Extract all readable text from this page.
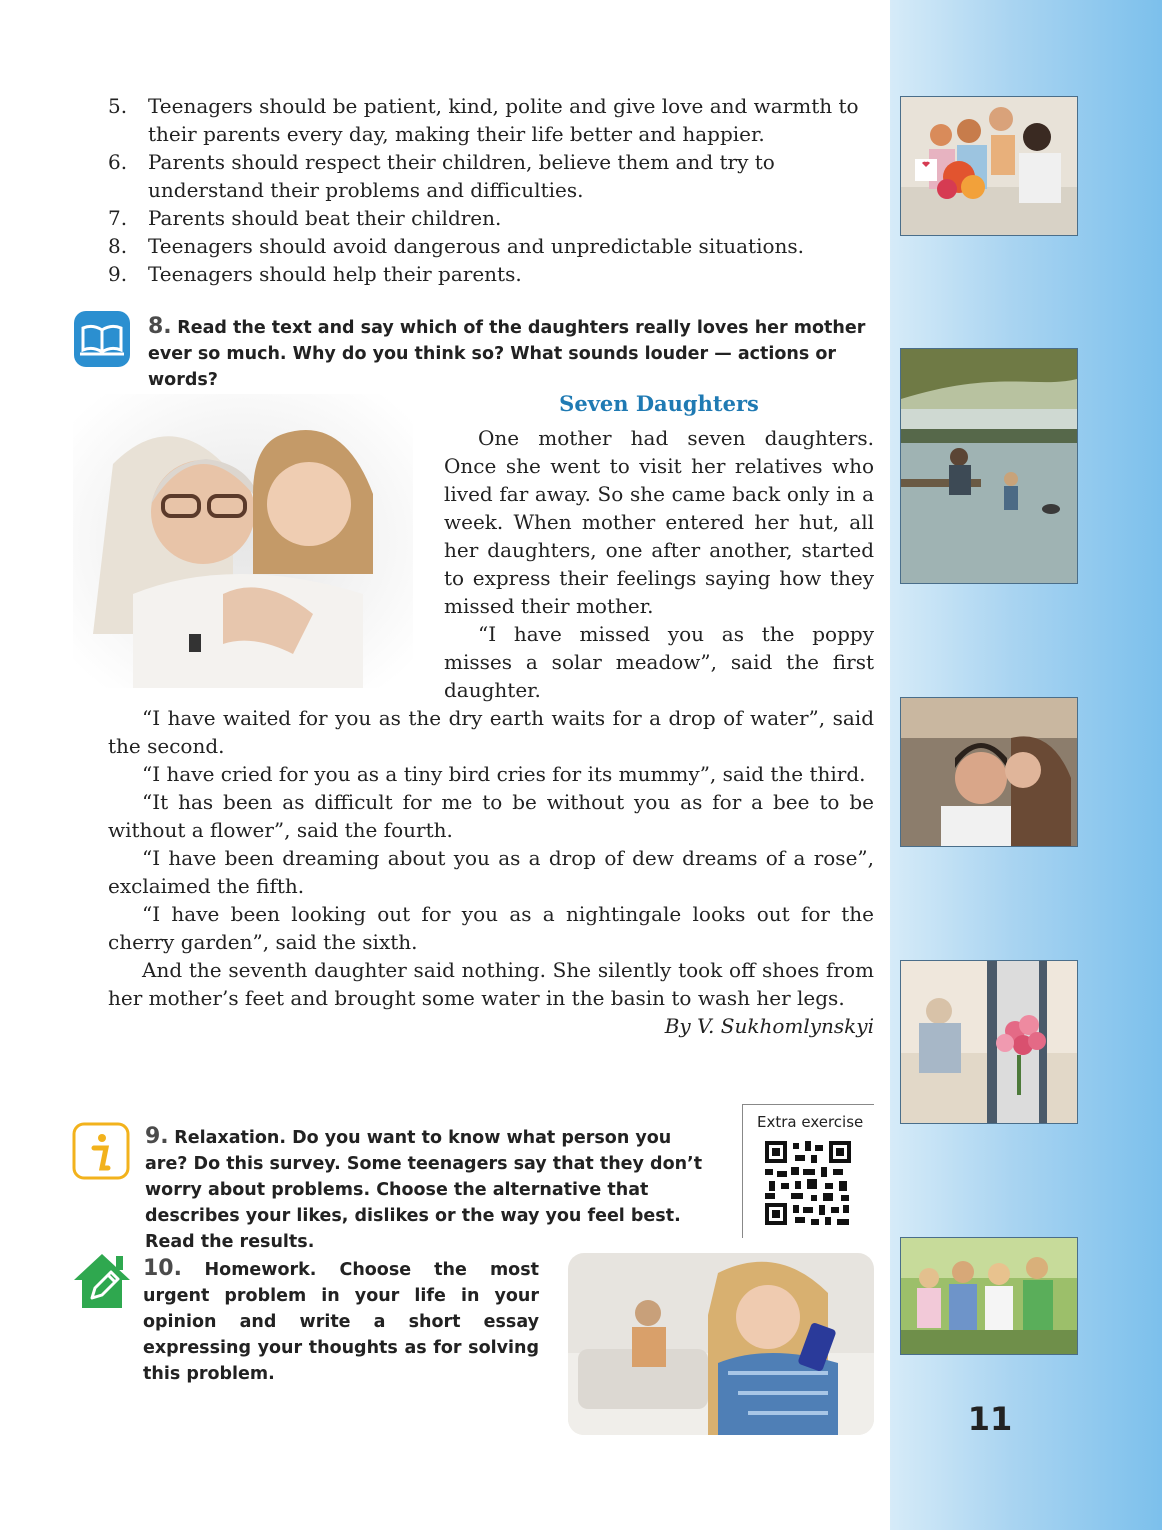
5.	Teenagers should be patient, kind, polite and give love and warmth to their parents every day, making their life better and happier.
6.	Parents should respect their children, believe them and try to understand their problems and difficulties.
7.	Parents should beat their children.
8.	Teenagers should avoid dangerous and unpredictable situations.
9.	Teenagers should help their parents.
8. Read the text and say which of the daughters really loves her mother ever so much. Why do you think so? What sounds louder — actions or words?
Seven Daughters

One mother had seven daughters. Once she went to visit her relatives who lived far away. So she came back only in a week. When mother entered her hut, all her daughters, one after another, started to express their feelings saying how they missed their mother.

“I have missed you as the poppy misses a solar meadow”, said the first daughter.

“I have waited for you as the dry earth waits for a drop of water”, said the second.

“I have cried for you as a tiny bird cries for its mummy”, said the third.

“It has been as difficult for me to be without you as for a bee to be without a flower”, said the fourth.

“I have been dreaming about you as a drop of dew dreams of a rose”, exclaimed the fifth.

“I have been looking out for you as a nightingale looks out for the cherry garden”, said the sixth.

And the seventh daughter said nothing. She silently took off shoes from her mother’s feet and brought some water in the basin to wash her legs.

By V. Sukhomlynskyi
9. Relaxation. Do you want to know what person you are? Do this survey. Some teenagers say that they don’t worry about problems. Choose the alternative that describes your likes, dislikes or the way you feel best. Read the results.
Extra exercise
10. Homework. Choose the most urgent problem in your life in your opinion and write a short essay expressing your thoughts as for solving this problem.
11
